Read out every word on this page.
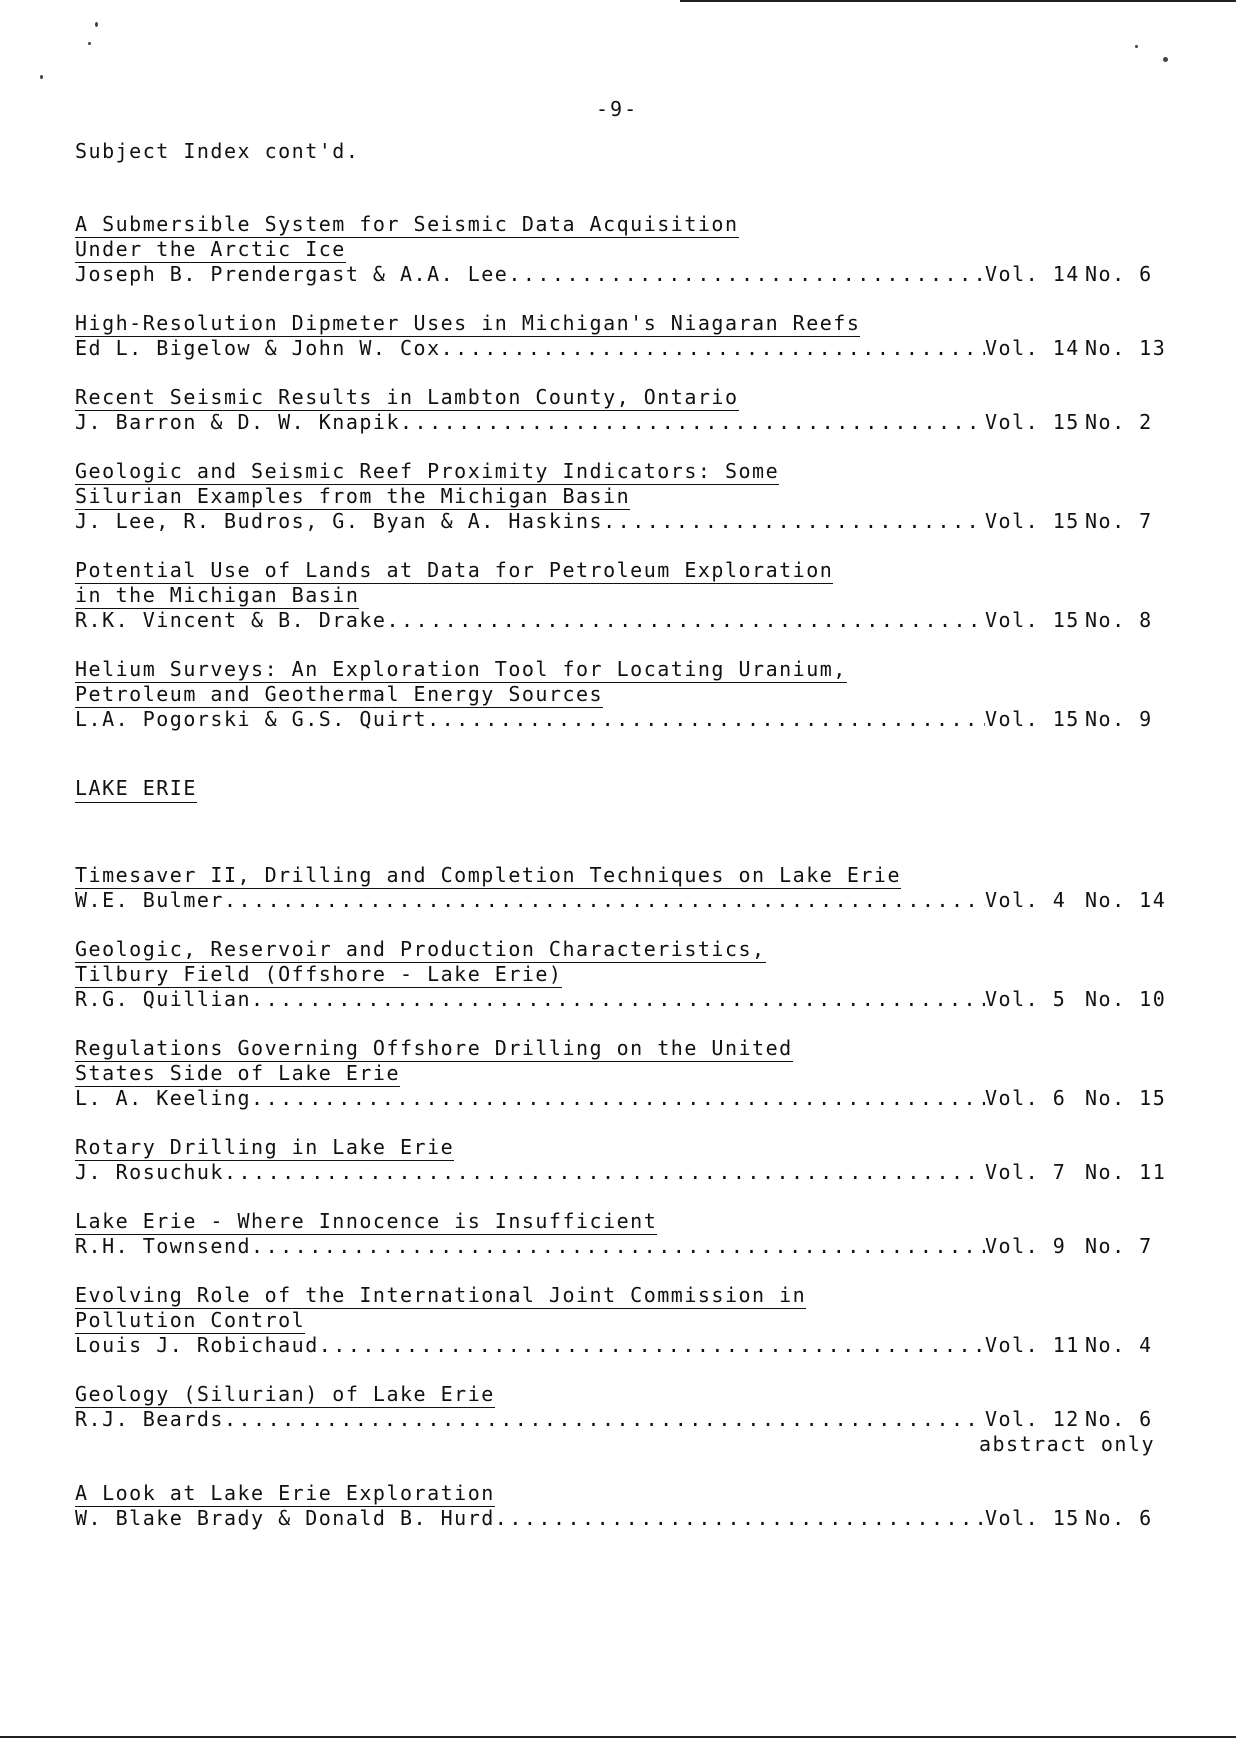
-9-
Subject Index cont'd.
A Submersible System for Seismic Data Acquisition
Under the Arctic Ice
Joseph B. Prendergast & A.A. Lee .....	Vol. 14 No. 6
High-Resolution Dipmeter Uses in Michigan's Niagaran Reefs
Ed L. Bigelow & John W. Cox .....	Vol. 14 No. 13
Recent Seismic Results in Lambton County, Ontario
J. Barron & D. W. Knapik .....	Vol. 15 No. 2
Geologic and Seismic Reef Proximity Indicators: Some
Silurian Examples from the Michigan Basin
J. Lee, R. Budros, G. Byan & A. Haskins .....	Vol. 15 No. 7
Potential Use of Lands at Data for Petroleum Exploration
in the Michigan Basin
R.K. Vincent & B. Drake .....	Vol. 15 No. 8
Helium Surveys: An Exploration Tool for Locating Uranium,
Petroleum and Geothermal Energy Sources
L.A. Pogorski & G.S. Quirt .....	Vol. 15 No. 9
LAKE ERIE
Timesaver II, Drilling and Completion Techniques on Lake Erie
W.E. Bulmer .....	Vol. 4 No. 14
Geologic, Reservoir and Production Characteristics,
Tilbury Field (Offshore - Lake Erie)
R.G. Quillian .....	Vol. 5 No. 10
Regulations Governing Offshore Drilling on the United
States Side of Lake Erie
L. A. Keeling .....	Vol. 6 No. 15
Rotary Drilling in Lake Erie
J. Rosuchuk .....	Vol. 7 No. 11
Lake Erie - Where Innocence is Insufficient
R.H. Townsend .....	Vol. 9 No. 7
Evolving Role of the International Joint Commission in
Pollution Control
Louis J. Robichaud .....	Vol. 11 No. 4
Geology (Silurian) of Lake Erie
R.J. Beards .....	Vol. 12 No. 6
abstract only
A Look at Lake Erie Exploration
W. Blake Brady & Donald B. Hurd .....	Vol. 15 No. 6
